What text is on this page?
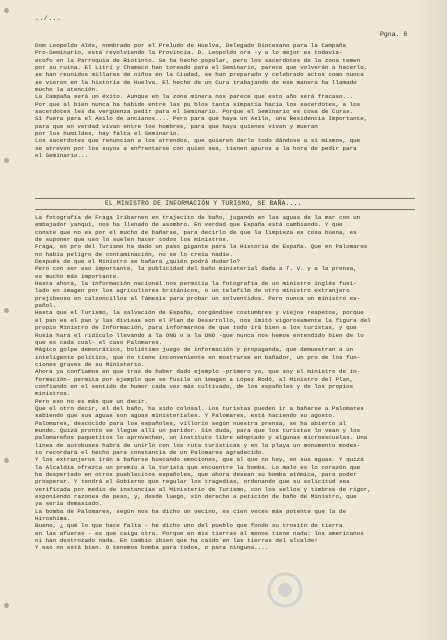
../...
Pgna. 6
Dom Leopoldo Alés, nombrado por el Preludo de Huelva, Delegado Diocesano para la Campaña
Pro-Seminario, está revolviendo la Provincia. D. Leopoldo ora -y a lo mejor es todavía-
ecofo en la Parroquia de Riotinto. Se ha hecho popular, pero los sacerdotes de la zona temen
por su ruina. El Litri y Chamaco han toreado para el Seminario, parece que volverán a hacerlo,
se han reunidos millares de niños en la Ciudad, se han preparado y celebrado actos como nunca
se vieron en la historia de Huelva. El hecho de un Cura trabajando de ese manera ha llamado
mucho la atención.
La Campaña será un éxito. Aunque en la zona minera nos parece que esto año será fracaso...
Por que al bien nunca ha habido entre las pu blos tanta simpatía hacia los sacerdotes, a los
sacerdotes les da vergüenza pedir para el Seminario. Porque el Seminario es cosa de Curas.
Si fuera para el Asilo de ancianos.... Pero para que haya un Asilo, una Residencia Importante,
para que en verdad vivan entre los hombres, para que haya quienes vivan y mueran
por los humildes, hay falta el Seminario.
Los sacerdotes que renuncian a los arrendos, que quieren darlo todo dándose a sí mismos, que
se atreven por los suyos a enfrentarse con quien sea, tienen apuros a la hora de pedir para
el Seminario...
EL MINISTRO DE INFORMACIÓN Y TURISMO, SE BAÑA....
La fotografía de Fraga Iribarnen en trajecito de baño, jugando en las aguas de la mar con un
embajador yanqui, nos ha llenado de asombro. En verdad que España está cambiando. Y que
conste que no es por el mucho de bañarse, para decirlo de que la limpieza es cosa buena, es
de suponer que uso lo suelen hacer todos los ministros.
Fraga, en pro del Turismo ha dado un paso gigante para la Historia de España. Que en Palomares
no había peligro de contaminación, no se lo creía nadie.
Después de que el Ministro se bañara ¿quién podrá dudarlo?
Pero con ser eso importante, la publicidad del baño ministerial dada a T. V. y a la prensa,
es mucho más importante.
Hasta ahora, la información nacional nos permitía la fotografía de un ministro inglés fusi-
lado en imagen por los agricultores británicos, o un telefilm de otro ministro extranjero
prejibeoso en calzoncillos al Támesis para probar un solventidos. Pero nunca un ministro es-
pañol.
Hasta que el Turismo, la salvación de España, corgándose costumbres y viejos respetos, porque
el pan es el pan y las divisas son el Plan de Desarrollo, nos imitó vigorosamente la figura del
propio Ministro de Información, para informarnos de que todo irá bien a los turistas, y que
Rusia hará el ridículo llevando a la ONU o a la UNO -que nunca nos hemos entendido bien de lo
que es cada cual- el caso Palomares.
Mágico golpe democrático, boliétimo juego de información y propaganda, que demuestran a un
inteligente político, que no tiene inconveniente en mostrarse en bañador, un pro de los fun-
ciones graves de su Ministerio.
Ahora ya confiamos en que tras de haber dado ejemplo -primero yo, que soy el ministro de in-
formación- permita por ejemplo que se fusile un imagen a López Rodó, al Ministro del Plan,
confiando en el sentido de humor cada vez más cultivado, de los españoles y de los propios
ministros.
Pero eso no es más que un decir.
Que el otro decir, el del baño, ha sido colosal. Los turistas pueden ir a bañarse a Palomares
sabiendo que sus aguas son aguas ministeriales. Y Palomares, está haciendo su agosto.
Palomares, descocido para los españoles, villorio según nuestra prensa, se ha abierto al
mundo. Quizá pronto se llegue allí un paridor. Sin duda, para que los turistas lo vean y los
palomareños paquetitos lo aprovechen, un instituto libre adoptado y algunas microescuelas. Una
línea de autobuses habrá de unirlo con los ruta turísticas y en la playa un monumento modes-
to recordará el hecho para constancia de un Palomares agradecido.
Y los extranjeros irán a bañarse buscando emociones, que al que no hay, en sus aguas. Y quizá
la Alcaldía ofrezca un premio a la turista que encuentre la bomba. Lo malo es lo corazón que
ha despertado en otros pueblecitos españoles, que ahora desean su bomba atómica, para poder
prosperar. Y tendrá el Gobierno que regular los tragedias, ordenando que su solicitud sea
verificada por medio de instancias al Ministerio de Turismo, con los sellos y timbres de rigor,
exponiendo razones de peso, y, desde luego, sin derecho a petición de baño de Ministro, que
ya sería demasiado.
La bomba de Palomares, según nos ha dicho un vecino, es cien veces más potente que la de
Hiroshima.
Bueno, ¿ qué lo que hace falta - he dicho uno del pueblo que fondo su trosito de tierra
en las afueras - es que caiga otra. Porque en mis tierras al menos tiene nada: los americanos
ni han destrozado nada. En cambio ibien que ha caído en las tierras del alcalde!
Y eso no está bien. O tenemos bomba para todos, o para ninguna....
